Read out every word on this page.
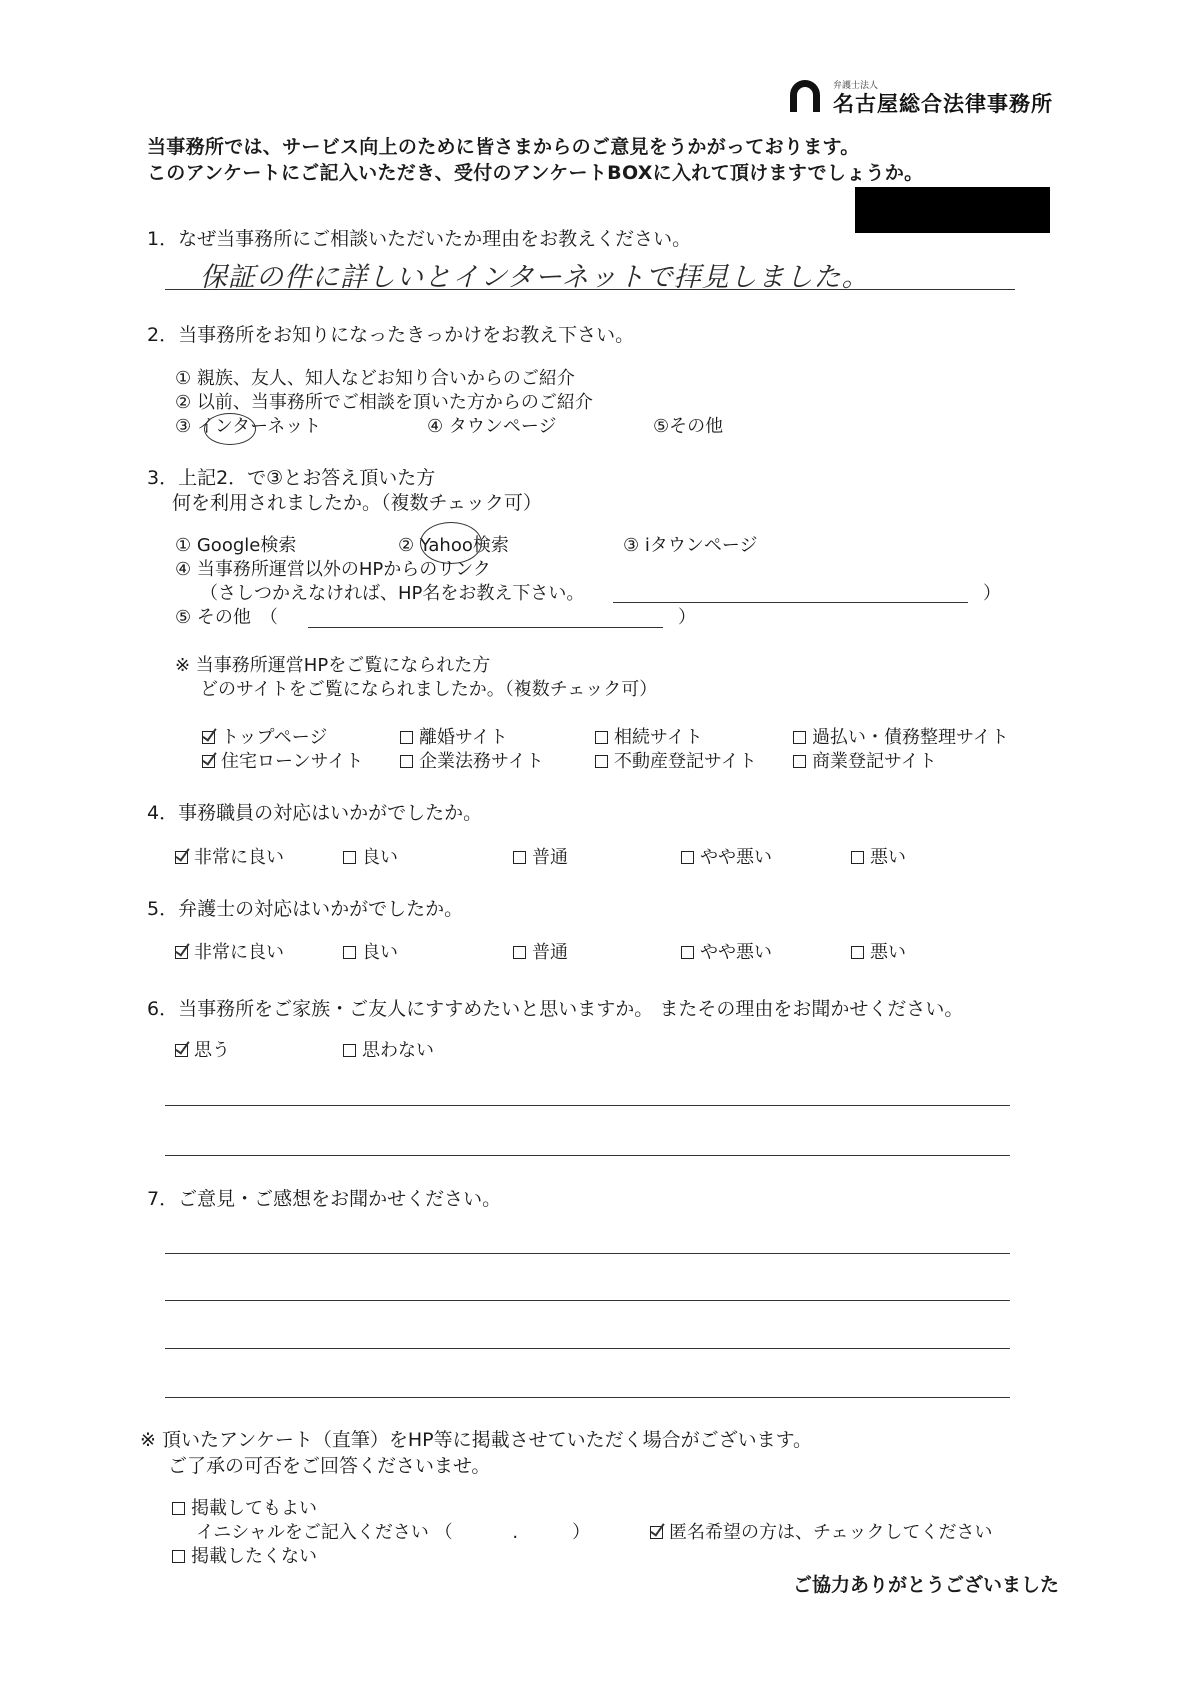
弁護士法人
名古屋総合法律事務所
当事務所では、サービス向上のために皆さまからのご意見をうかがっております。
このアンケートにご記入いただき、受付のアンケートBOXに入れて頂けますでしょうか。
1．なぜ当事務所にご相談いただいたか理由をお教えください。
保証の件に詳しいとインターネットで拝見しました。
2．当事務所をお知りになったきっかけをお教え下さい。
① 親族、友人、知人などお知り合いからのご紹介
② 以前、当事務所でご相談を頂いた方からのご紹介
③ インターネット	④ タウンページ	⑤その他
3．上記2．で③とお答え頂いた方
何を利用されましたか。（複数チェック可）
① Google検索	② Yahoo検索	③ iタウンページ
④ 当事務所運営以外のHPからのリンク
（さしつかえなければ、HP名をお教え下さい。	）
⑤ その他　（	）
※ 当事務所運営HPをご覧になられた方
どのサイトをご覧になられましたか。（複数チェック可）
トップページ	離婚サイト	相続サイト	過払い・債務整理サイト
住宅ローンサイト	企業法務サイト	不動産登記サイト	商業登記サイト
4．事務職員の対応はいかがでしたか。
非常に良い	良い	普通	やや悪い	悪い
5．弁護士の対応はいかがでしたか。
非常に良い	良い	普通	やや悪い	悪い
6．当事務所をご家族・ご友人にすすめたいと思いますか。 またその理由をお聞かせください。
思う	思わない
7．ご意見・ご感想をお聞かせください。
※ 頂いたアンケート（直筆）をHP等に掲載させていただく場合がございます。
ご了承の可否をご回答くださいませ。
掲載してもよい
イニシャルをご記入ください （　　　 .　　　）	匿名希望の方は、チェックしてください
掲載したくない
ご協力ありがとうございました
